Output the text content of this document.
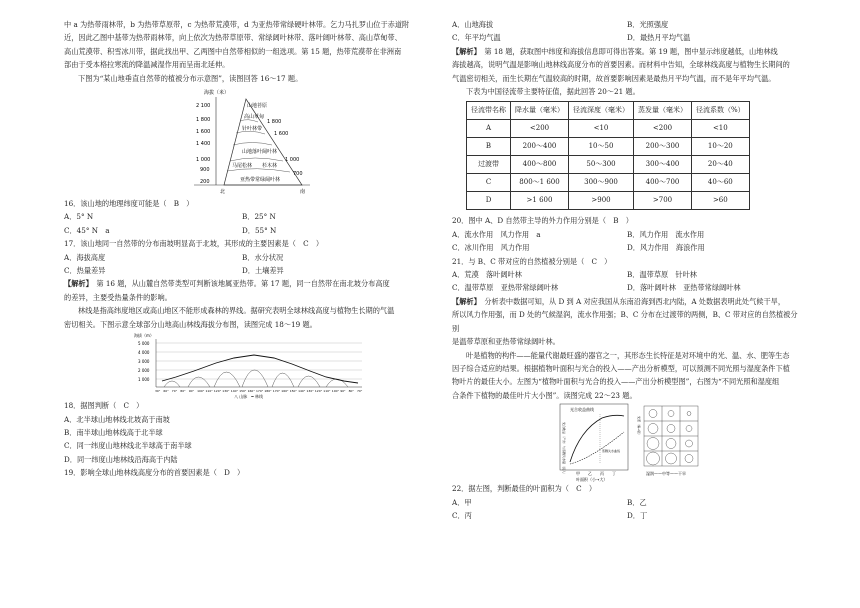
中 a 为热带雨林带，b 为热带草原带，c 为热带荒漠带，d 为亚热带常绿硬叶林带。乞力马扎罗山位于赤道附

近，因此乙图中基带为热带雨林带，向上依次为热带草原带、常绿阔叶林带、落叶阔叶林带、高山草甸带、

高山荒漠带、积雪冰川带，据此找出甲、乙两图中自然带相似的一组选项。第 15 题，热带荒漠带在非洲南

部由于受本格拉寒流的降温减湿作用而呈南北延伸。

下图为“某山地垂直自然带的植被分布示意图”，读图回答 16～17 题。

海拔（米）
山地苔原
高山草甸
针叶林带
山地落叶阔叶林
马尾松林 杉木林
亚热带常绿阔叶林
2 100
1 800
1 600
1 400
1 000
900
200
1 800
1 600
1 000
700
北	南

16．该山地的地理纬度可能是（　B　）

A．5° N	B．25° N
C．45° N　a	D．55° N

17．该山地同一自然带的分布南坡明显高于北坡，其形成的主要因素是（　C　）

A．海拔高度	B．水分状况
C．热量差异	D．土壤差异

【解析】　第 16 题，从山麓自然带类型可判断该地属亚热带。第 17 题，同一自然带在南北坡分布高度

的差异，主要受热量条件的影响。

林线是指高纬度地区或高山地区不能形成森林的界线。据研究表明全球林线高度与植物生长期的气温

密切相关。下图示意全球部分山地高山林线海拔分布图，读图完成 18～19 题。

海拔（m）
5 000
4 000
3 000
2 000
1 000
30° 60° 70° 80° 90° 100° 110° 120° 130° 140° 150° 160° 170° 180° 170° 160° 150° 140° 130° 120° 110° 100° 90° 80° 70°
八 山脉　━ 林线

18．据图判断（　C　）

A．北半球山地林线北坡高于南坡

B．南半球山地林线高于北半球

C．同一纬度山地林线北半球高于南半球

D．同一纬度山地林线沿海高于内陆

19．影响全球山地林线高度分布的首要因素是（　D　）

A．山地海拔	B．光照强度
C．年平均气温	D．最热月平均气温

【解析】　第 18 题，获取图中纬度和海拔信息即可得出答案。第 19 题，图中显示纬度越低，山地林线

海拔越高，说明气温是影响山地林线高度分布的首要因素。而材料中告知，全球林线高度与植物生长期间的

气温密切相关，而生长期在气温较高的时期，故首要影响因素是最热月平均气温，而不是年平均气温。

下表为中国径流带主要特征值，据此回答 20～21 题。

径流带名称	降水量（毫米）	径流深度（毫米）	蒸发量（毫米）	径流系数（%）
A	<200	<10	<200	<10
B	200～400	10～50	200～300	10～20
过渡带	400～800	50～300	300～400	20～40
C	800～1 600	300～900	400～700	40～60
D	>1 600	>900	>700	>60

20．图中 A、D 自然带主导的外力作用分别是（　B　）

A．流水作用　风力作用　a	B．风力作用　流水作用
C．冰川作用　风力作用	D．风力作用　海浪作用

21．与 B、C 带对应的自然植被分别是（　C　）

A．荒漠　落叶阔叶林	B．温带草原　针叶林
C．温带草原　亚热带常绿阔叶林	D．落叶阔叶林　亚热带常绿阔叶林

【解析】　分析表中数据可知，从 D 到 A 对应我国从东南沿海到西北内陆，A 处数据表明此处气候干旱，

所以风力作用强，而 D 处的气候湿润，流水作用强；B、C 分布在过渡带的两侧，B、C 带对应的自然植被分别

是温带草原和亚热带常绿阔叶林。

叶是植物的构件——能量代谢最旺盛的器官之一，其形态生长特征是对环境中的光、温、水、肥等生态

因子综合适应的结果。根据植物叶面积与光合的投入——产出分析模型，可以预测不同光照与湿度条件下植

物叶片的最佳大小。左图为“植物叶面积与光合的投入——产出分析模型图”，右图为“不同光照和湿度组

合条件下植物的最佳叶片大小图”。读图完成 22～23 题。

光合收益曲线
光合收益（产出）与蒸腾失水量（投入）	蒸腾失水曲线
甲 乙 丙 丁
叶面积（小→大）
光照（弱→强）
湿润——中等——干旱

22．据左图，判断最佳的叶面积为（　C　）

A．甲	B．乙
C．丙	D．丁
